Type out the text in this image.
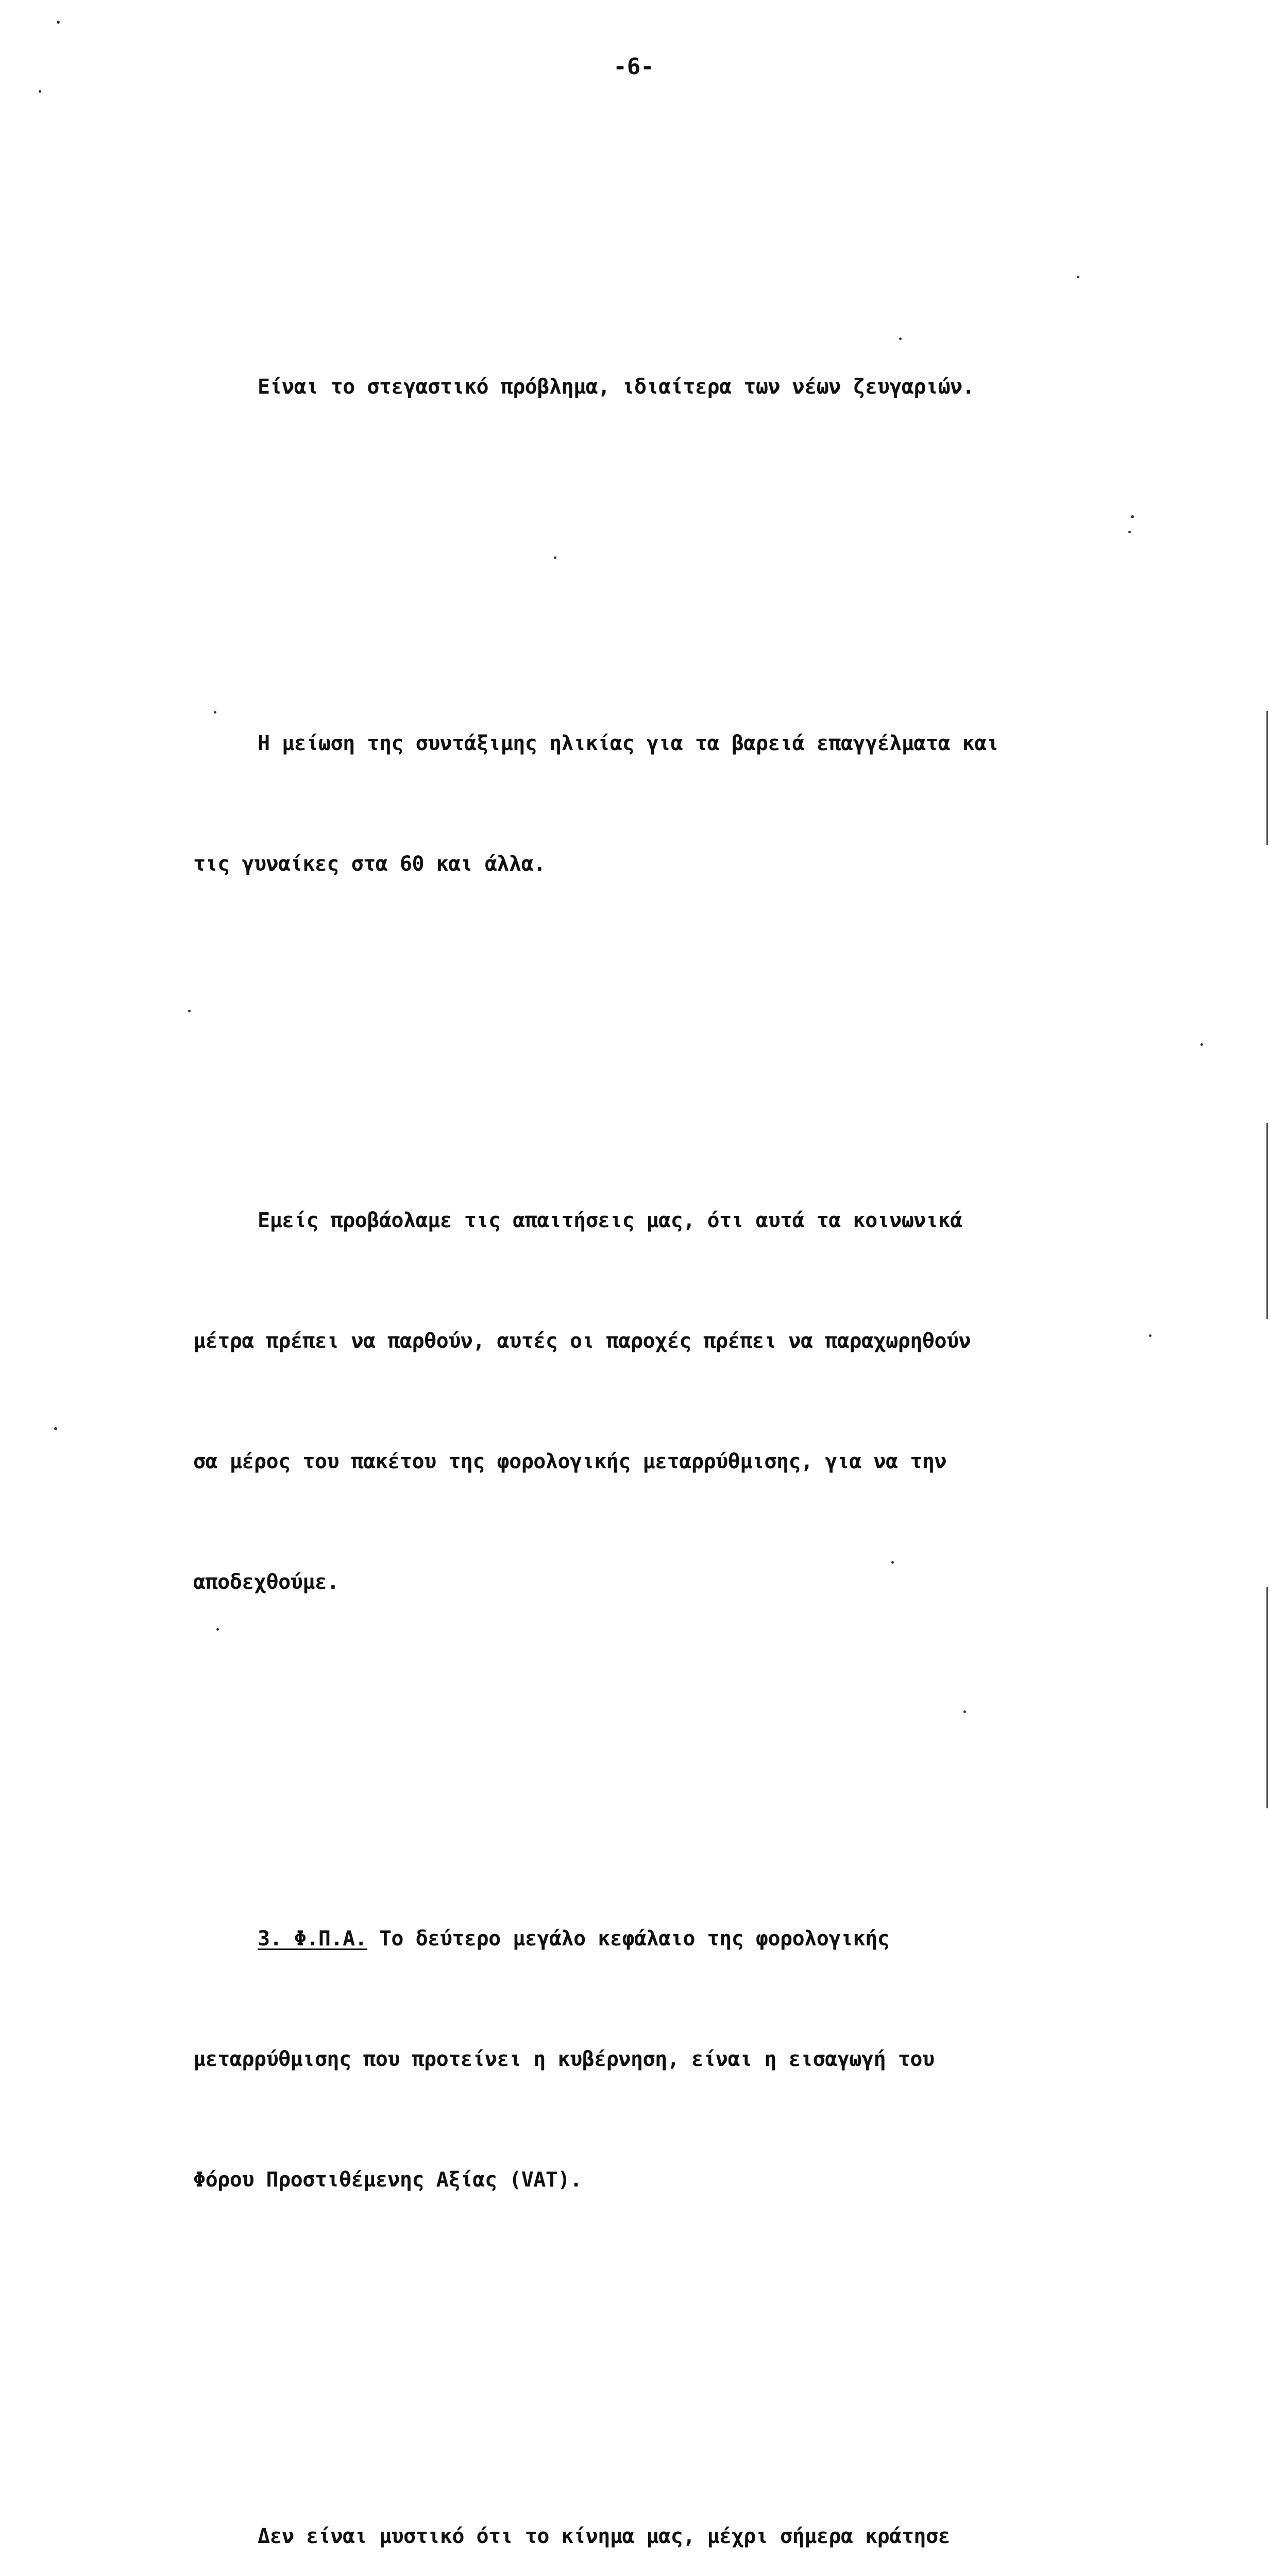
-6-

Είναι το στεγαστικό πρόβλημα, ιδιαίτερα των νέων ζευγαριών.

Η μείωση της συντάξιμης ηλικίας για τα βαρειά επαγγέλματα και

τις γυναίκες στα 60 και άλλα.

Εμείς προβάολαμε τις απαιτήσεις μας, ότι αυτά τα κοινωνικά

μέτρα πρέπει να παρθούν, αυτές οι παροχές πρέπει να παραχωρηθούν

σα μέρος του πακέτου της φορολογικής μεταρρύθμισης, για να την

αποδεχθούμε.

3. Φ.Π.Α. Το δεύτερο μεγάλο κεφάλαιο της φορολογικής

μεταρρύθμισης που προτείνει η κυβέρνηση, είναι η εισαγωγή του

Φόρου Προστιθέμενης Αξίας (VAT).

Δεν είναι μυστικό ότι το κίνημα μας, μέχρι σήμερα κράτησε
